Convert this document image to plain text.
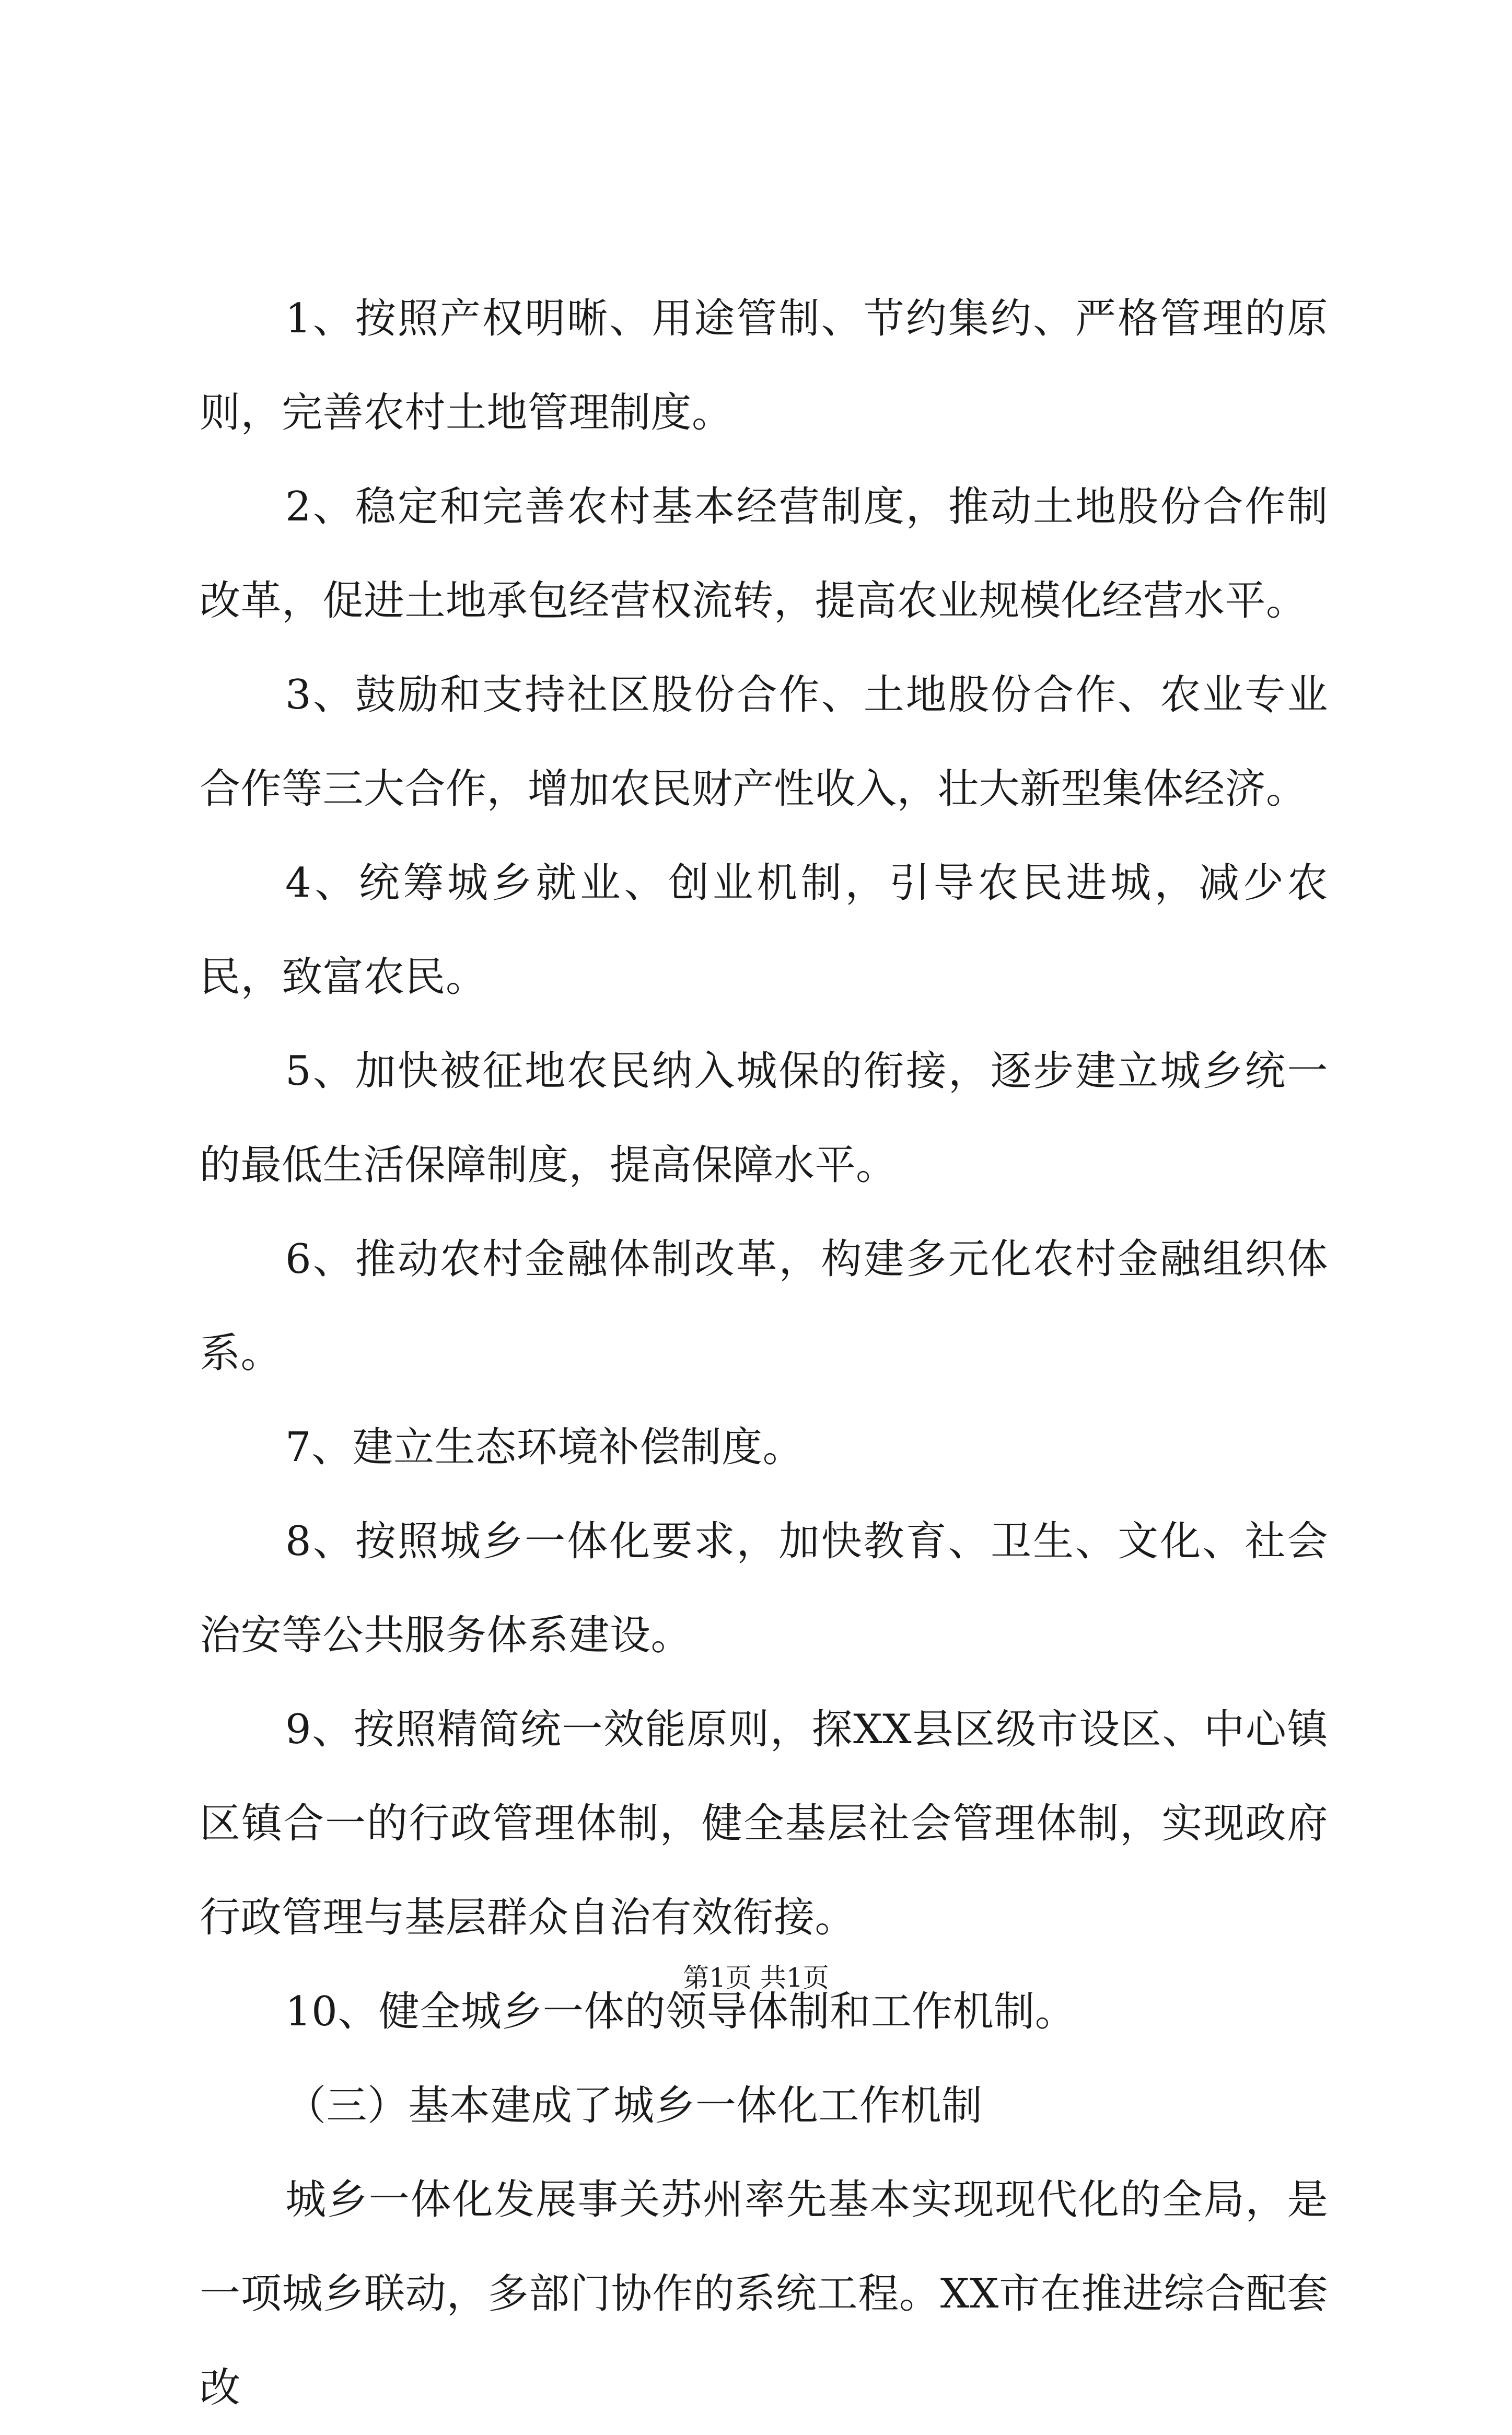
1、按照产权明晰、用途管制、节约集约、严格管理的原则，完善农村土地管理制度。

2、稳定和完善农村基本经营制度，推动土地股份合作制改革，促进土地承包经营权流转，提高农业规模化经营水平。

3、鼓励和支持社区股份合作、土地股份合作、农业专业合作等三大合作，增加农民财产性收入，壮大新型集体经济。

4、统筹城乡就业、创业机制，引导农民进城，减少农民，致富农民。

5、加快被征地农民纳入城保的衔接，逐步建立城乡统一的最低生活保障制度，提高保障水平。

6、推动农村金融体制改革，构建多元化农村金融组织体系。

7、建立生态环境补偿制度。

8、按照城乡一体化要求，加快教育、卫生、文化、社会治安等公共服务体系建设。

9、按照精简统一效能原则，探XX县区级市设区、中心镇区镇合一的行政管理体制，健全基层社会管理体制，实现政府行政管理与基层群众自治有效衔接。

10、健全城乡一体的领导体制和工作机制。

（三）基本建成了城乡一体化工作机制

城乡一体化发展事关苏州率先基本实现现代化的全局，是一项城乡联动，多部门协作的系统工程。XX市在推进综合配套改

第1页 共1页
